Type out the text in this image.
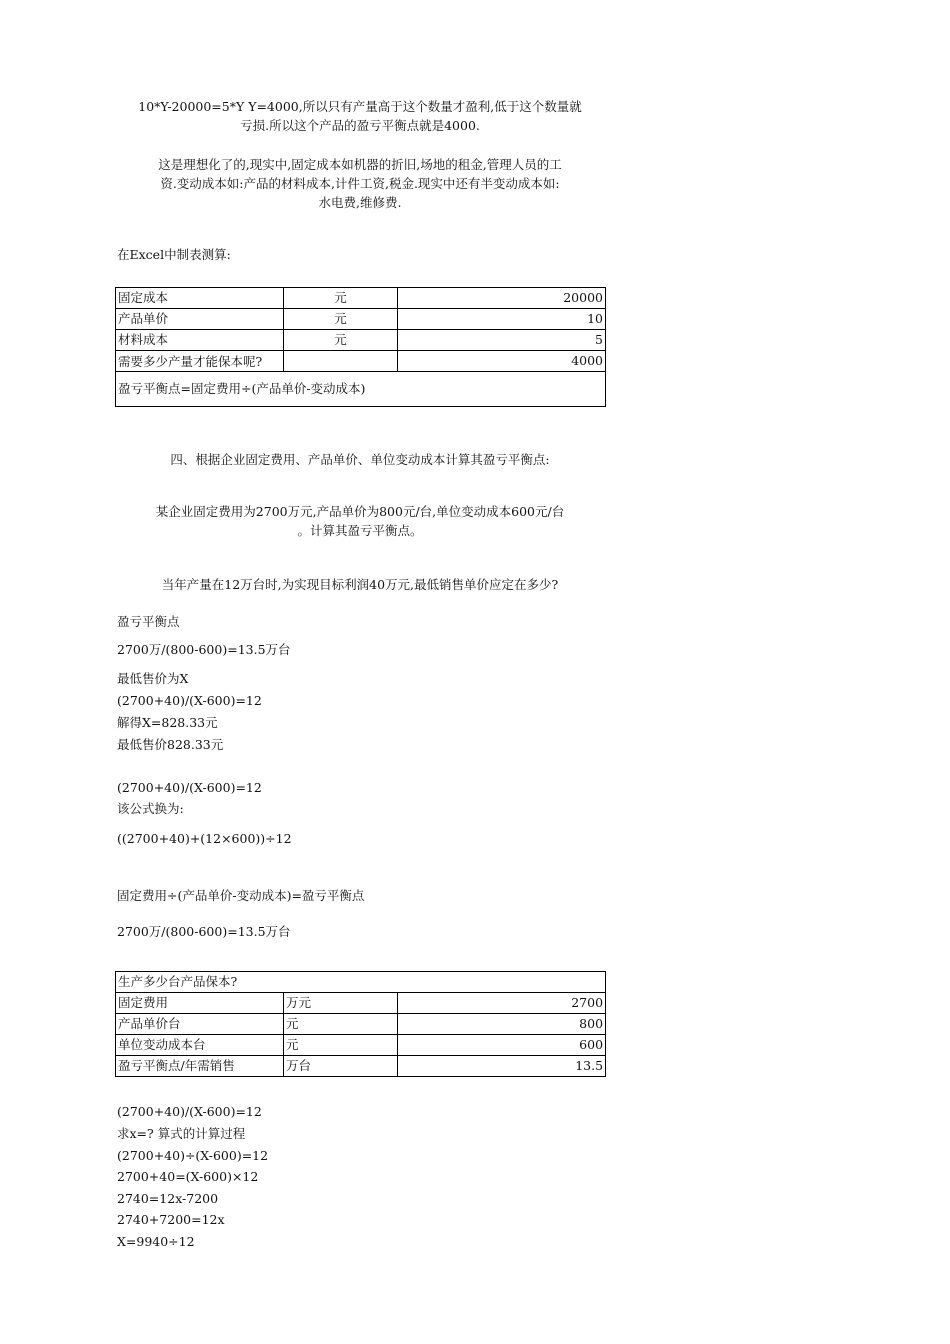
10*Y-20000=5*Y Y=4000,所以只有产量高于这个数量才盈利,低于这个数量就
亏损.所以这个产品的盈亏平衡点就是4000.
这是理想化了的,现实中,固定成本如机器的折旧,场地的租金,管理人员的工
资.变动成本如:产品的材料成本,计件工资,税金.现实中还有半变动成本如:
水电费,维修费.
在Excel中制表测算:
固定成本	元	20000
产品单价	元	10
材料成本	元	5
需要多少产量才能保本呢?		4000
盈亏平衡点=固定费用÷(产品单价-变动成本)		
四、根据企业固定费用、产品单价、单位变动成本计算其盈亏平衡点:
某企业固定费用为2700万元,产品单价为800元/台,单位变动成本600元/台
。计算其盈亏平衡点。
当年产量在12万台时,为实现目标利润40万元,最低销售单价应定在多少?
盈亏平衡点
2700万/(800-600)=13.5万台
最低售价为X
(2700+40)/(X-600)=12
解得X=828.33元
最低售价828.33元
(2700+40)/(X-600)=12
该公式换为:
((2700+40)+(12×600))÷12
固定费用÷(产品单价-变动成本)=盈亏平衡点
2700万/(800-600)=13.5万台
生产多少台产品保本?		
固定费用	万元	2700
产品单价台	元	800
单位变动成本台	元	600
盈亏平衡点/年需销售	万台	13.5
(2700+40)/(X-600)=12
求x=? 算式的计算过程
(2700+40)÷(X-600)=12
2700+40=(X-600)×12
2740=12x-7200
2740+7200=12x
X=9940÷12
